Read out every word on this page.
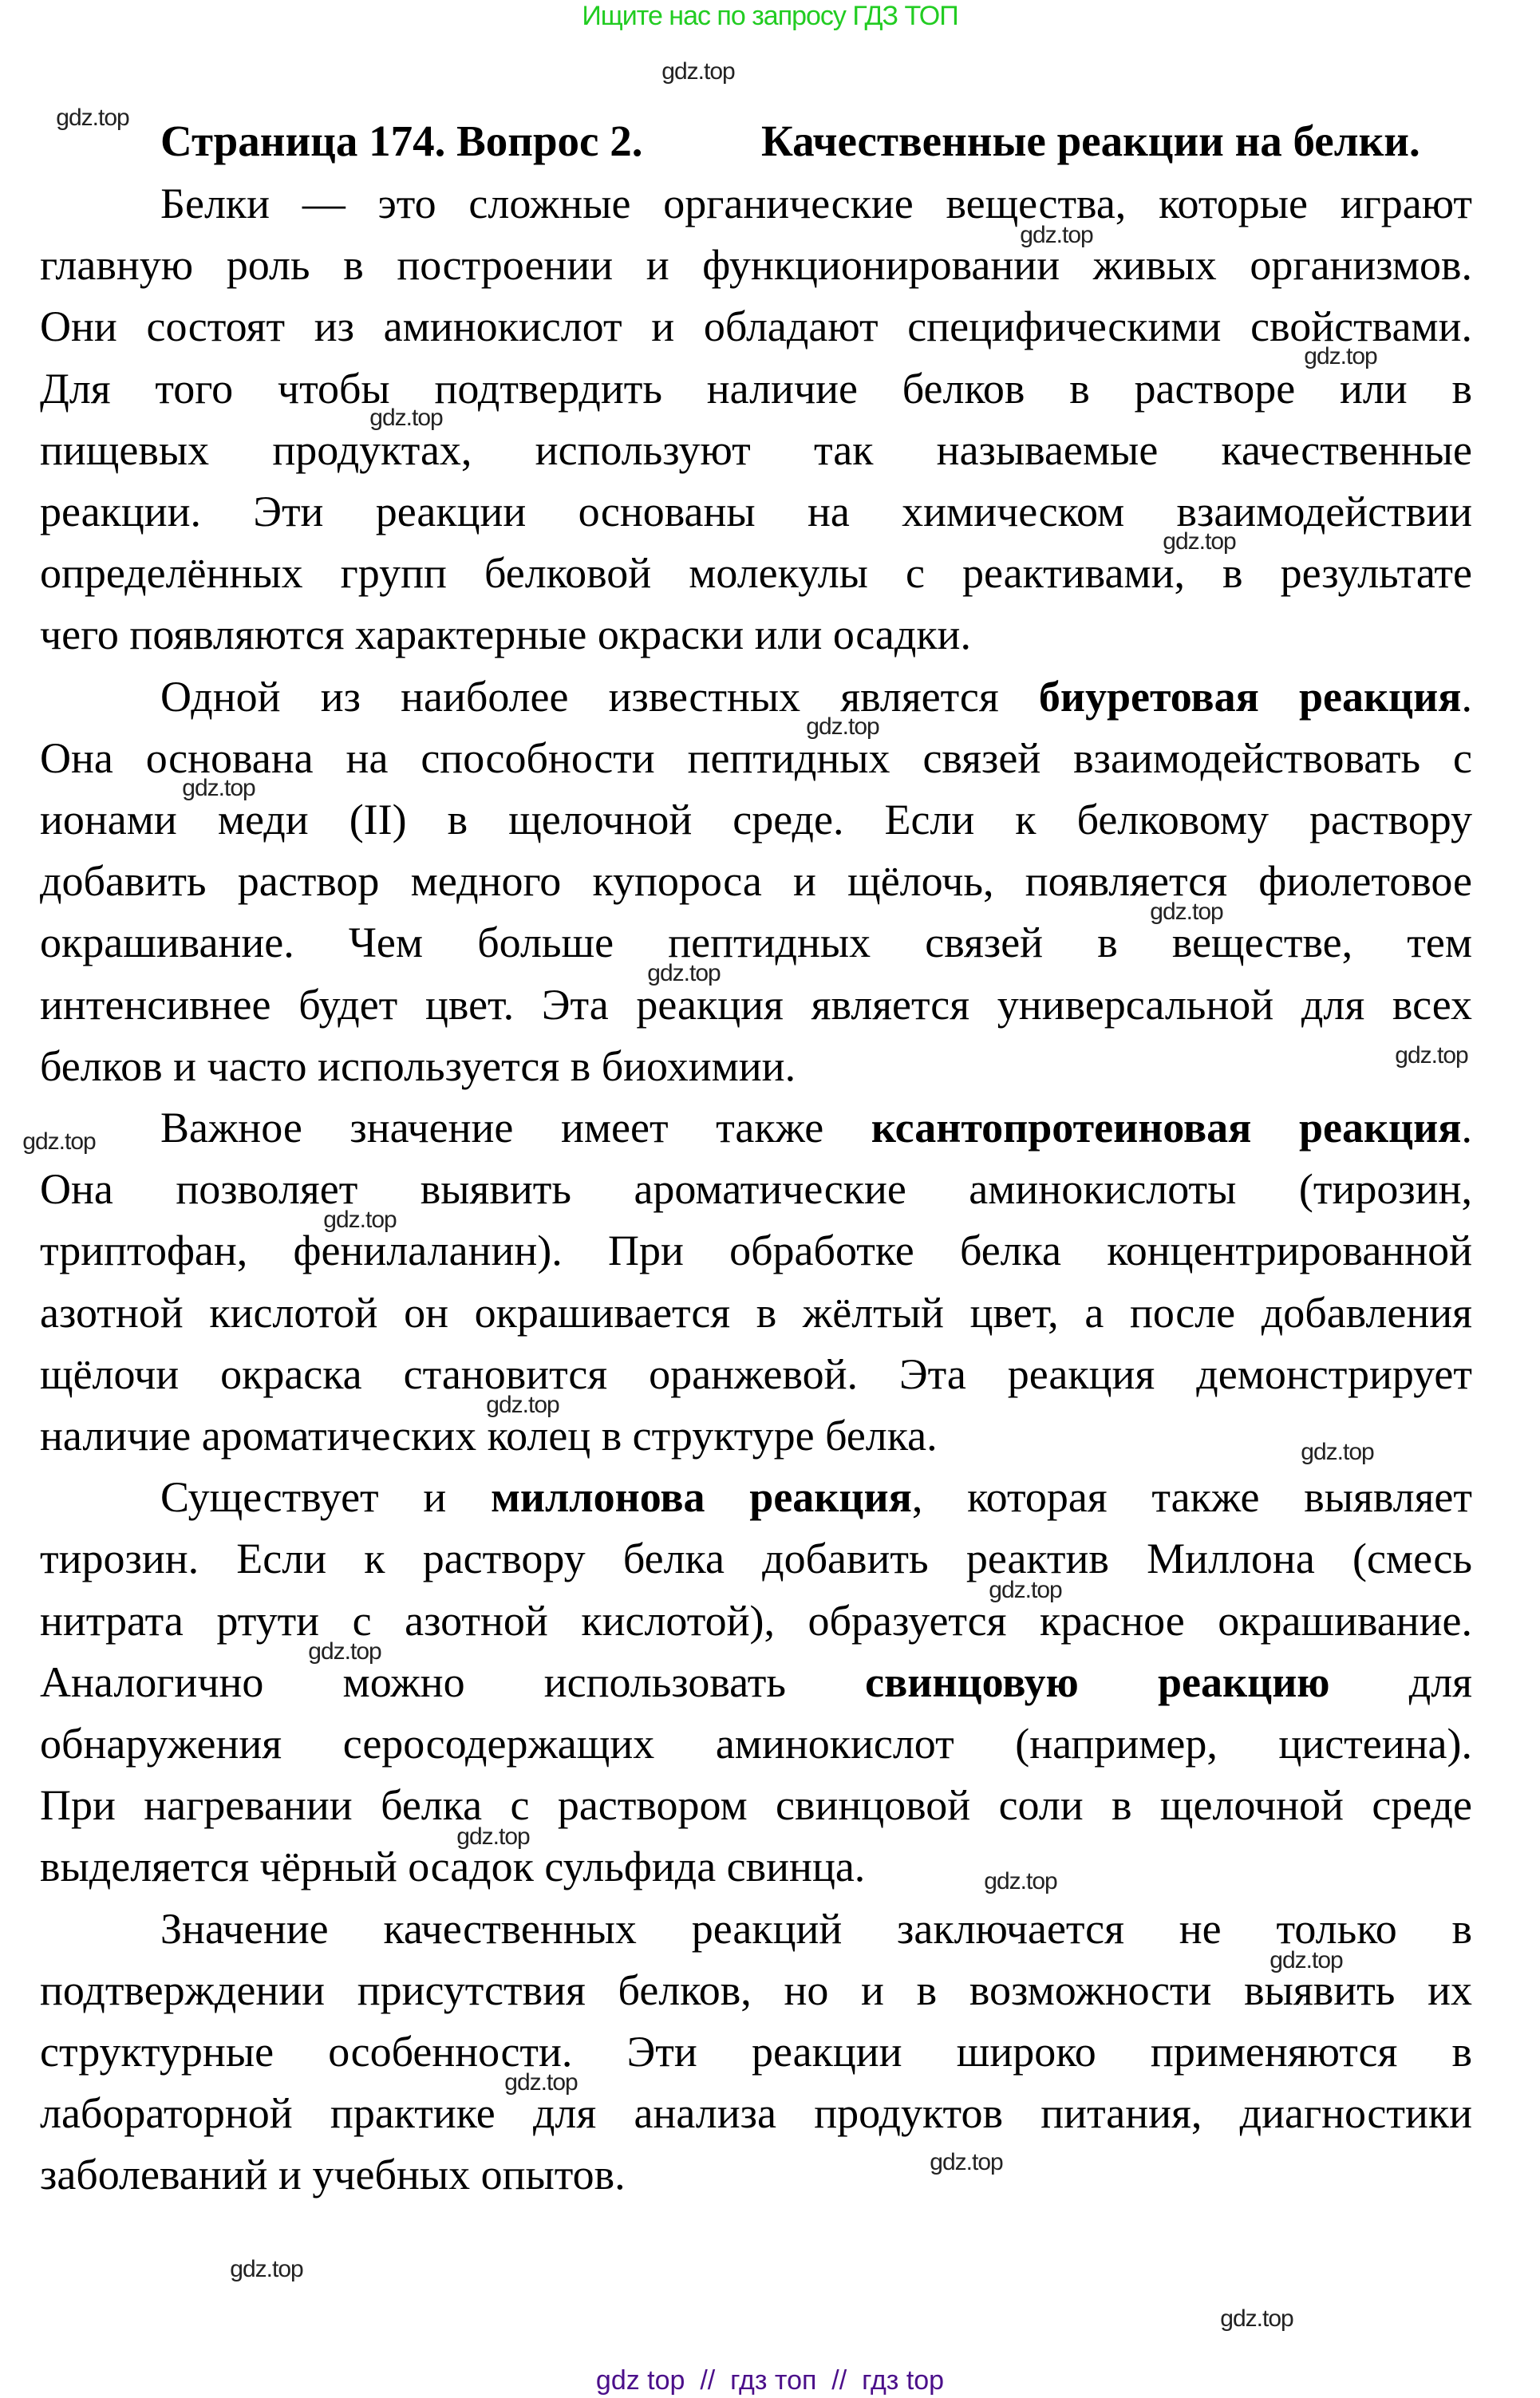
Ищите нас по запросу ГДЗ ТОП
Страница 174. Вопрос 2.	Качественные реакции на белки.
Белки — это сложные органические вещества, которые играют
главную роль в построении и функционировании живых организмов.
Они состоят из аминокислот и обладают специфическими свойствами.
Для того чтобы подтвердить наличие белков в растворе или в
пищевых продуктах, используют так называемые качественные
реакции. Эти реакции основаны на химическом взаимодействии
определённых групп белковой молекулы с реактивами, в результате
чего появляются характерные окраски или осадки.
Одной из наиболее известных является биуретовая реакция.
Она основана на способности пептидных связей взаимодействовать с
ионами меди (II) в щелочной среде. Если к белковому раствору
добавить раствор медного купороса и щёлочь, появляется фиолетовое
окрашивание. Чем больше пептидных связей в веществе, тем
интенсивнее будет цвет. Эта реакция является универсальной для всех
белков и часто используется в биохимии.
Важное значение имеет также ксантопротеиновая реакция.
Она позволяет выявить ароматические аминокислоты (тирозин,
триптофан, фенилаланин). При обработке белка концентрированной
азотной кислотой он окрашивается в жёлтый цвет, а после добавления
щёлочи окраска становится оранжевой. Эта реакция демонстрирует
наличие ароматических колец в структуре белка.
Существует и миллонова реакция, которая также выявляет
тирозин. Если к раствору белка добавить реактив Миллона (смесь
нитрата ртути с азотной кислотой), образуется красное окрашивание.
Аналогично можно использовать свинцовую реакцию для
обнаружения серосодержащих аминокислот (например, цистеина).
При нагревании белка с раствором свинцовой соли в щелочной среде
выделяется чёрный осадок сульфида свинца.
Значение качественных реакций заключается не только в
подтверждении присутствия белков, но и в возможности выявить их
структурные особенности. Эти реакции широко применяются в
лабораторной практике для анализа продуктов питания, диагностики
заболеваний и учебных опытов.
gdz.top
gdz.top
gdz.top
gdz.top
gdz.top
gdz.top
gdz.top
gdz.top
gdz.top
gdz.top
gdz.top
gdz.top
gdz.top
gdz.top
gdz.top
gdz.top
gdz.top
gdz.top
gdz.top
gdz.top
gdz.top
gdz.top
gdz.top
gdz.top
gdz top  //  гдз топ  //  гдз top
